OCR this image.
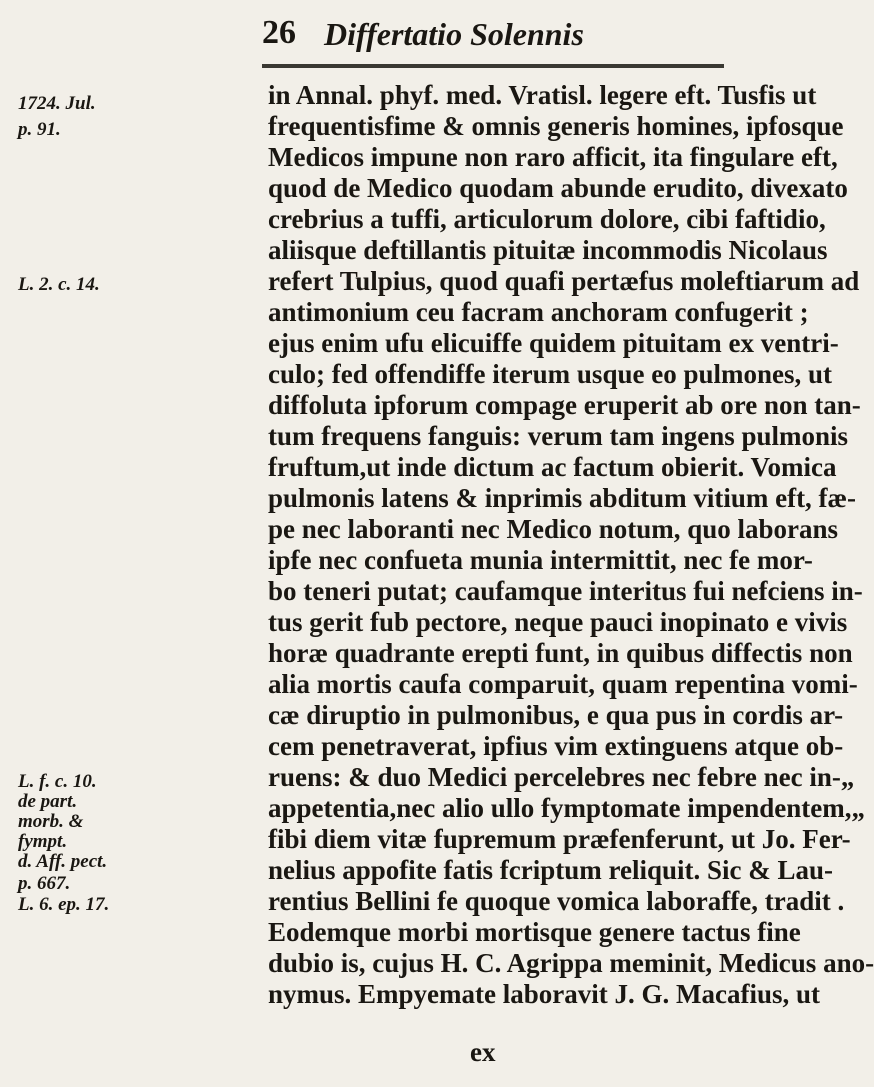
26 Differtatio Solennis
1724. Jul.
p. 91.
L. 2. c. 14.
L. f. c. 10.
de part.
morb. &
fympt.
d. Aff. pect.
p. 667.
L. 6. ep. 17.
in Annal. phyf. med. Vratisl. legere eft. Tusfis ut
frequentisfime & omnis generis homines, ipfosque
Medicos impune non raro afficit, ita fingulare eft,
quod de Medico quodam abunde erudito, divexato
crebrius a tuffi, articulorum dolore, cibi faftidio,
aliisque deftillantis pituitæ incommodis Nicolaus
refert Tulpius, quod quafi pertæfus moleftiarum ad
antimonium ceu facram anchoram confugerit ;
ejus enim ufu elicuiffe quidem pituitam ex ventri-
culo; fed offendiffe iterum usque eo pulmones, ut
diffoluta ipforum compage eruperit ab ore non tan-
tum frequens fanguis: verum tam ingens pulmonis
fruftum,ut inde dictum ac factum obierit. Vomica
pulmonis latens & inprimis abditum vitium eft, fæ-
pe nec laboranti nec Medico notum, quo laborans
ipfe nec confueta munia intermittit, nec fe mor-
bo teneri putat; caufamque interitus fui nefciens in-
tus gerit fub pectore, neque pauci inopinato e vivis
horæ quadrante erepti funt, in quibus diffectis non
alia mortis caufa comparuit, quam repentina vomi-
cæ diruptio in pulmonibus, e qua pus in cordis ar-
cem penetraverat, ipfius vim extinguens atque ob-
ruens: & duo Medici percelebres nec febre nec in-„
appetentia,nec alio ullo fymptomate impendentem,„
fibi diem vitæ fupremum præfenferunt, ut Jo. Fer-
nelius appofite fatis fcriptum reliquit. Sic & Lau-
rentius Bellini fe quoque vomica laboraffe, tradit .
Eodemque morbi mortisque genere tactus fine
dubio is, cujus H. C. Agrippa meminit, Medicus ano-
nymus. Empyemate laboravit J. G. Macafius, ut
ex
